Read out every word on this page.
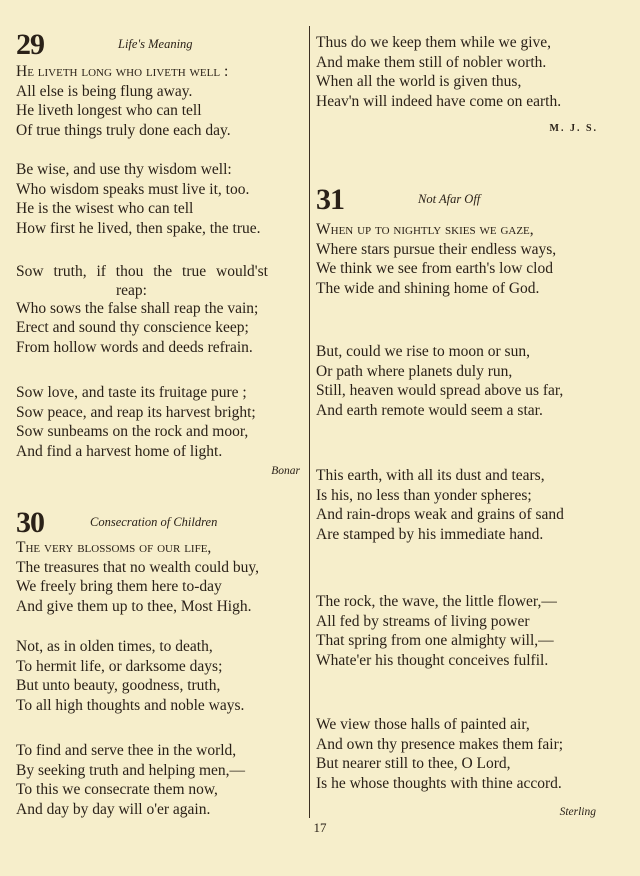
29	Life's Meaning
He liveth long who liveth well :
All else is being flung away.
He liveth longest who can tell
Of true things truly done each day.
Be wise, and use thy wisdom well:
Who wisdom speaks must live it, too.
He is the wisest who can tell
How first he lived, then spake, the true.
Sow truth, if thou the true would'st
reap:
Who sows the false shall reap the vain;
Erect and sound thy conscience keep;
From hollow words and deeds refrain.
Sow love, and taste its fruitage pure ;
Sow peace, and reap its harvest bright;
Sow sunbeams on the rock and moor,
And find a harvest home of light.
Bonar
30	Consecration of Children
The very blossoms of our life,
The treasures that no wealth could buy,
We freely bring them here to-day
And give them up to thee, Most High.
Not, as in olden times, to death,
To hermit life, or darksome days;
But unto beauty, goodness, truth,
To all high thoughts and noble ways.
To find and serve thee in the world,
By seeking truth and helping men,—
To this we consecrate them now,
And day by day will o'er again.
Thus do we keep them while we give,
And make them still of nobler worth.
When all the world is given thus,
Heav'n will indeed have come on earth.
M. J. S.
31	Not Afar Off
When up to nightly skies we gaze,
Where stars pursue their endless ways,
We think we see from earth's low clod
The wide and shining home of God.
But, could we rise to moon or sun,
Or path where planets duly run,
Still, heaven would spread above us far,
And earth remote would seem a star.
This earth, with all its dust and tears,
Is his, no less than yonder spheres;
And rain-drops weak and grains of sand
Are stamped by his immediate hand.
The rock, the wave, the little flower,—
All fed by streams of living power
That spring from one almighty will,—
Whate'er his thought conceives fulfil.
We view those halls of painted air,
And own thy presence makes them fair;
But nearer still to thee, O Lord,
Is he whose thoughts with thine accord.
Sterling
17
